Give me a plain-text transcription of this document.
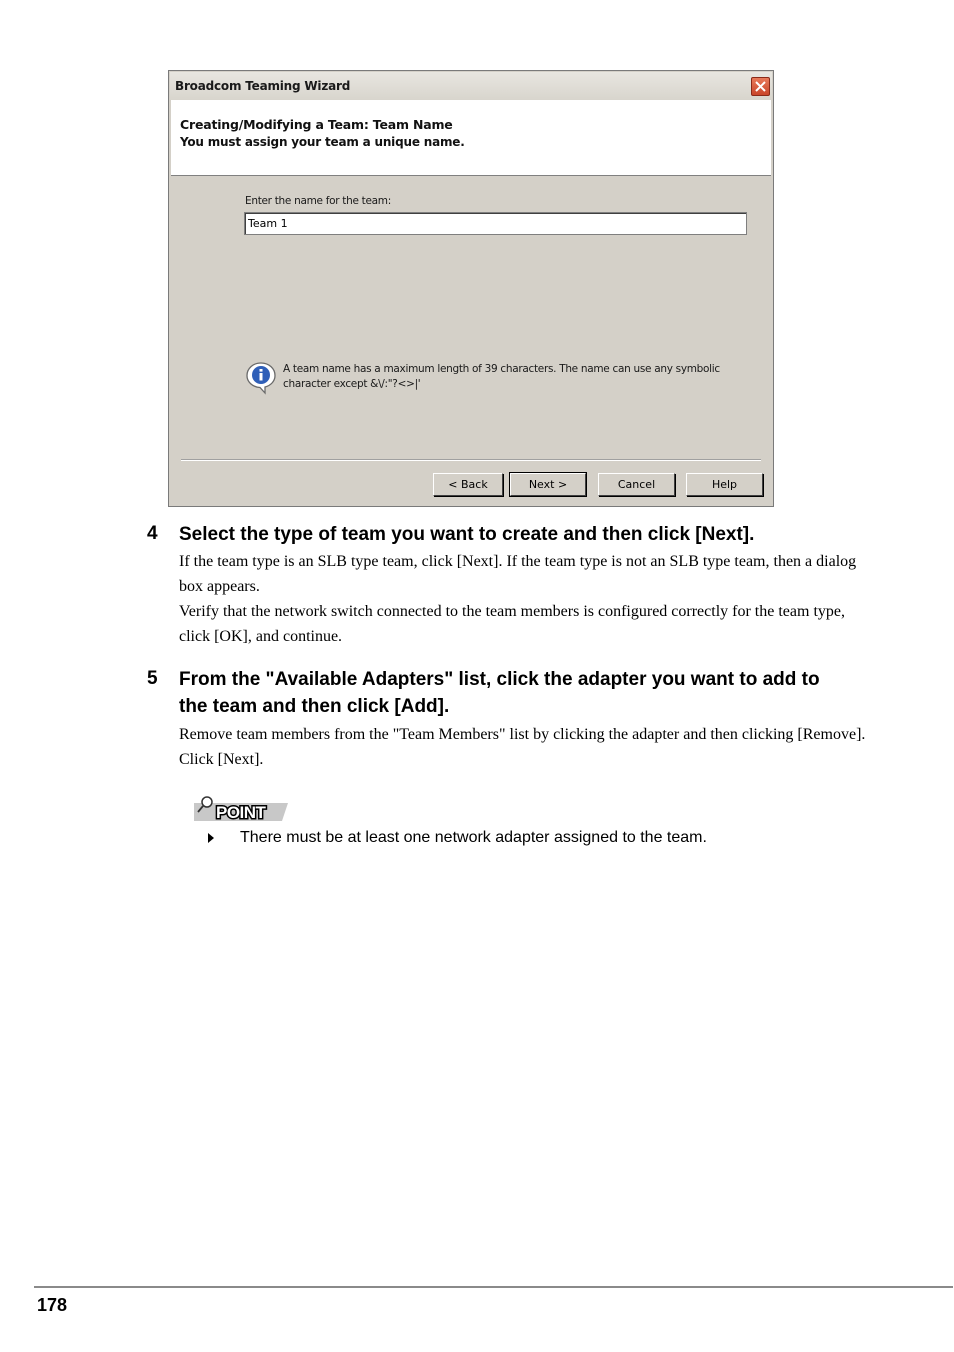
Broadcom Teaming Wizard
Creating/Modifying a Team: Team Name
You must assign your team a unique name.
Enter the name for the team:
Team 1
A team name has a maximum length of 39 characters. The name can use any symbolic character except &\/:"?<>|'
< Back	Next >	Cancel	Help
4 Select the type of team you want to create and then click [Next].
If the team type is an SLB type team, click [Next]. If the team type is not an SLB type team, then a dialog box appears.
Verify that the network switch connected to the team members is configured correctly for the team type, click [OK], and continue.
5 From the "Available Adapters" list, click the adapter you want to add to the team and then click [Add].
Remove team members from the "Team Members" list by clicking the adapter and then clicking [Remove]. Click [Next].
POINT
There must be at least one network adapter assigned to the team.
178
